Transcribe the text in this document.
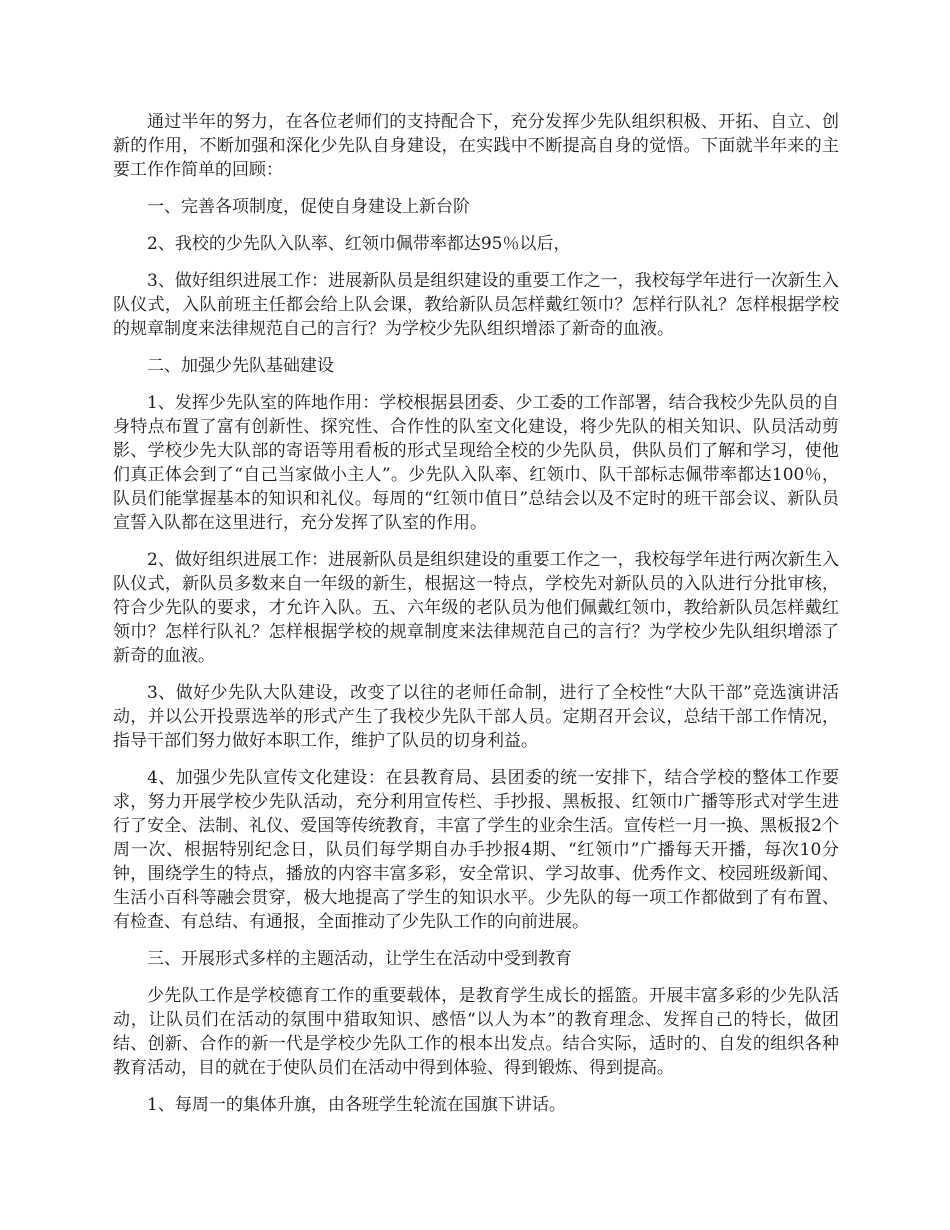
通过半年的努力，在各位老师们的支持配合下，充分发挥少先队组织积极、开拓、自立、创新的作用，不断加强和深化少先队自身建设，在实践中不断提高自身的觉悟。下面就半年来的主要工作作简单的回顾：

一、完善各项制度，促使自身建设上新台阶

2、我校的少先队入队率、红领巾佩带率都达95％以后，

3、做好组织进展工作：进展新队员是组织建设的重要工作之一，我校每学年进行一次新生入队仪式，入队前班主任都会给上队会课，教给新队员怎样戴红领巾？怎样行队礼？怎样根据学校的规章制度来法律规范自己的言行？为学校少先队组织增添了新奇的血液。

二、加强少先队基础建设

1、发挥少先队室的阵地作用：学校根据县团委、少工委的工作部署，结合我校少先队员的自身特点布置了富有创新性、探究性、合作性的队室文化建设，将少先队的相关知识、队员活动剪影、学校少先大队部的寄语等用看板的形式呈现给全校的少先队员，供队员们了解和学习，使他们真正体会到了“自己当家做小主人”。少先队入队率、红领巾、队干部标志佩带率都达100％，队员们能掌握基本的知识和礼仪。每周的“红领巾值日”总结会以及不定时的班干部会议、新队员宣誓入队都在这里进行，充分发挥了队室的作用。

2、做好组织进展工作：进展新队员是组织建设的重要工作之一，我校每学年进行两次新生入队仪式，新队员多数来自一年级的新生，根据这一特点，学校先对新队员的入队进行分批审核，符合少先队的要求，才允许入队。五、六年级的老队员为他们佩戴红领巾，教给新队员怎样戴红领巾？怎样行队礼？怎样根据学校的规章制度来法律规范自己的言行？为学校少先队组织增添了新奇的血液。

3、做好少先队大队建设，改变了以往的老师任命制，进行了全校性“大队干部”竞选演讲活动，并以公开投票选举的形式产生了我校少先队干部人员。定期召开会议，总结干部工作情况，指导干部们努力做好本职工作，维护了队员的切身利益。

4、加强少先队宣传文化建设：在县教育局、县团委的统一安排下，结合学校的整体工作要求，努力开展学校少先队活动，充分利用宣传栏、手抄报、黑板报、红领巾广播等形式对学生进行了安全、法制、礼仪、爱国等传统教育，丰富了学生的业余生活。宣传栏一月一换、黑板报2个周一次、根据特别纪念日，队员们每学期自办手抄报4期、“红领巾”广播每天开播，每次10分钟，围绕学生的特点，播放的内容丰富多彩，安全常识、学习故事、优秀作文、校园班级新闻、生活小百科等融会贯穿，极大地提高了学生的知识水平。少先队的每一项工作都做到了有布置、有检查、有总结、有通报，全面推动了少先队工作的向前进展。

三、开展形式多样的主题活动，让学生在活动中受到教育

少先队工作是学校德育工作的重要载体，是教育学生成长的摇篮。开展丰富多彩的少先队活动，让队员们在活动的氛围中猎取知识、感悟“以人为本”的教育理念、发挥自己的特长，做团结、创新、合作的新一代是学校少先队工作的根本出发点。结合实际，适时的、自发的组织各种教育活动，目的就在于使队员们在活动中得到体验、得到锻炼、得到提高。

1、每周一的集体升旗，由各班学生轮流在国旗下讲话。
